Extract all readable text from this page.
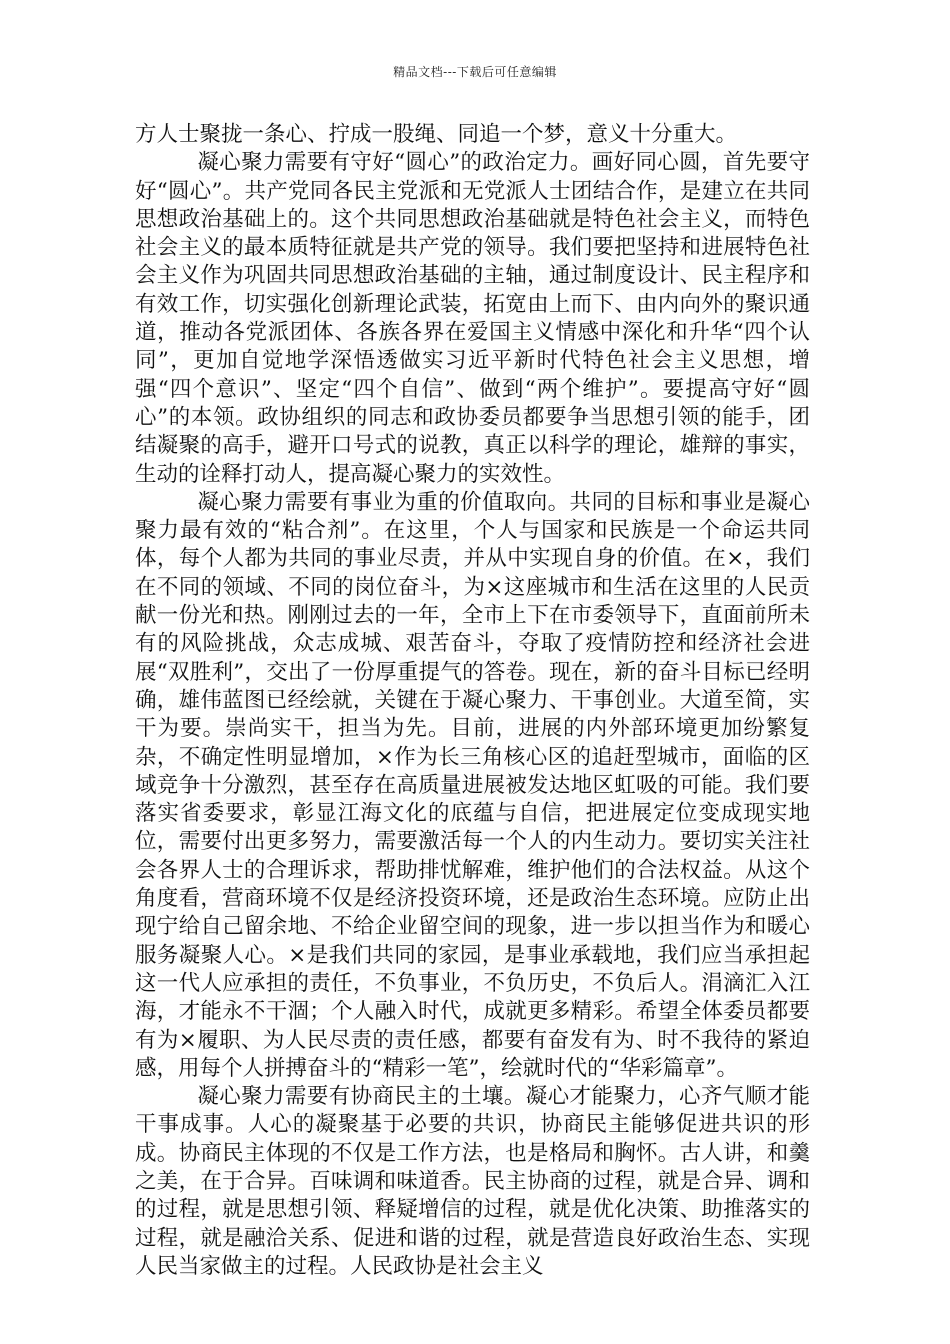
精品文档---下载后可任意编辑

方人士聚拢一条心、拧成一股绳、同追一个梦，意义十分重大。

凝心聚力需要有守好“圆心”的政治定力。画好同心圆，首先要守好“圆心”。共产党同各民主党派和无党派人士团结合作，是建立在共同思想政治基础上的。这个共同思想政治基础就是特色社会主义，而特色社会主义的最本质特征就是共产党的领导。我们要把坚持和进展特色社会主义作为巩固共同思想政治基础的主轴，通过制度设计、民主程序和有效工作，切实强化创新理论武装，拓宽由上而下、由内向外的聚识通道，推动各党派团体、各族各界在爱国主义情感中深化和升华“四个认同”，更加自觉地学深悟透做实习近平新时代特色社会主义思想，增强“四个意识”、坚定“四个自信”、做到“两个维护”。要提高守好“圆心”的本领。政协组织的同志和政协委员都要争当思想引领的能手，团结凝聚的高手，避开口号式的说教，真正以科学的理论，雄辩的事实，生动的诠释打动人，提高凝心聚力的实效性。

凝心聚力需要有事业为重的价值取向。共同的目标和事业是凝心聚力最有效的“粘合剂”。在这里，个人与国家和民族是一个命运共同体，每个人都为共同的事业尽责，并从中实现自身的价值。在×，我们在不同的领域、不同的岗位奋斗，为×这座城市和生活在这里的人民贡献一份光和热。刚刚过去的一年，全市上下在市委领导下，直面前所未有的风险挑战，众志成城、艰苦奋斗，夺取了疫情防控和经济社会进展“双胜利”，交出了一份厚重提气的答卷。现在，新的奋斗目标已经明确，雄伟蓝图已经绘就，关键在于凝心聚力、干事创业。大道至简，实干为要。崇尚实干，担当为先。目前，进展的内外部环境更加纷繁复杂，不确定性明显增加，×作为长三角核心区的追赶型城市，面临的区域竞争十分激烈，甚至存在高质量进展被发达地区虹吸的可能。我们要落实省委要求，彰显江海文化的底蕴与自信，把进展定位变成现实地位，需要付出更多努力，需要激活每一个人的内生动力。要切实关注社会各界人士的合理诉求，帮助排忧解难，维护他们的合法权益。从这个角度看，营商环境不仅是经济投资环境，还是政治生态环境。应防止出现宁给自己留余地、不给企业留空间的现象，进一步以担当作为和暖心服务凝聚人心。×是我们共同的家园，是事业承载地，我们应当承担起这一代人应承担的责任，不负事业，不负历史，不负后人。涓滴汇入江海，才能永不干涸；个人融入时代，成就更多精彩。希望全体委员都要有为×履职、为人民尽责的责任感，都要有奋发有为、时不我待的紧迫感，用每个人拼搏奋斗的“精彩一笔”，绘就时代的“华彩篇章”。

凝心聚力需要有协商民主的土壤。凝心才能聚力，心齐气顺才能干事成事。人心的凝聚基于必要的共识，协商民主能够促进共识的形成。协商民主体现的不仅是工作方法，也是格局和胸怀。古人讲，和羹之美，在于合异。百味调和味道香。民主协商的过程，就是合异、调和的过程，就是思想引领、释疑增信的过程，就是优化决策、助推落实的过程，就是融洽关系、促进和谐的过程，就是营造良好政治生态、实现人民当家做主的过程。人民政协是社会主义
